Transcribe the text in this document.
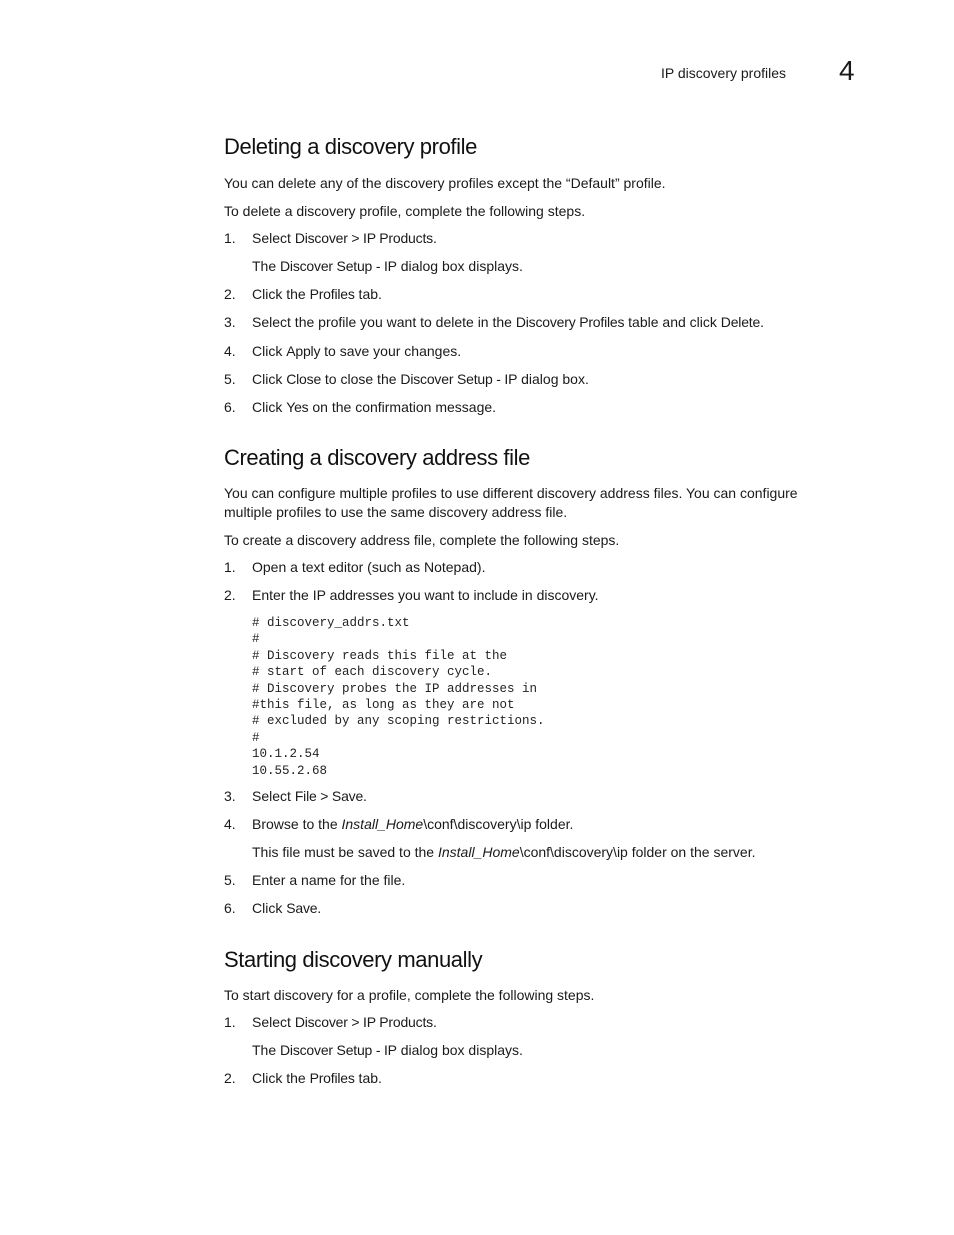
IP discovery profiles 4
Deleting a discovery profile
You can delete any of the discovery profiles except the “Default” profile.
To delete a discovery profile, complete the following steps.
1. Select Discover > IP Products.
The Discover Setup - IP dialog box displays.
2. Click the Profiles tab.
3. Select the profile you want to delete in the Discovery Profiles table and click Delete.
4. Click Apply to save your changes.
5. Click Close to close the Discover Setup - IP dialog box.
6. Click Yes on the confirmation message.
Creating a discovery address file
You can configure multiple profiles to use different discovery address files. You can configure multiple profiles to use the same discovery address file.
To create a discovery address file, complete the following steps.
1. Open a text editor (such as Notepad).
2. Enter the IP addresses you want to include in discovery.
# discovery_addrs.txt
#
# Discovery reads this file at the
# start of each discovery cycle.
# Discovery probes the IP addresses in
#this file, as long as they are not
# excluded by any scoping restrictions.
#
10.1.2.54
10.55.2.68
3. Select File > Save.
4. Browse to the Install_Home\conf\discovery\ip folder.
This file must be saved to the Install_Home\conf\discovery\ip folder on the server.
5. Enter a name for the file.
6. Click Save.
Starting discovery manually
To start discovery for a profile, complete the following steps.
1. Select Discover > IP Products.
The Discover Setup - IP dialog box displays.
2. Click the Profiles tab.
